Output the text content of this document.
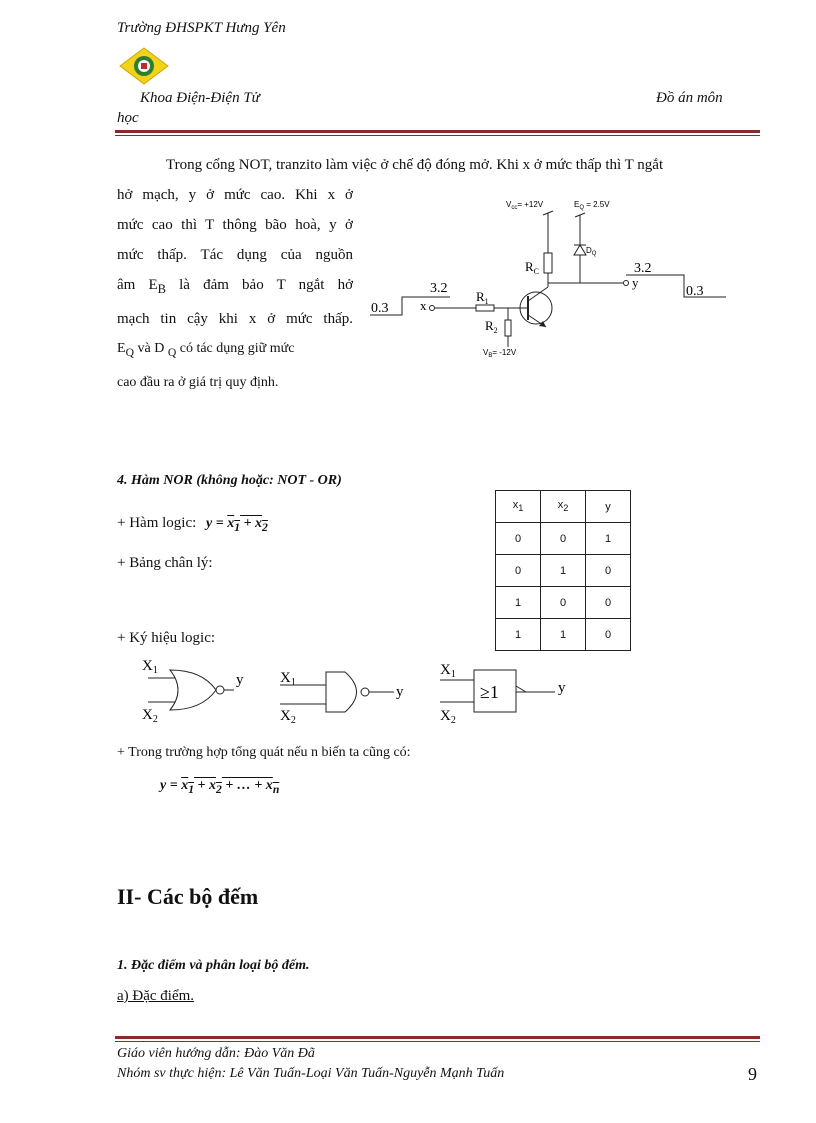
Trường ĐHSPKT Hưng Yên
Khoa Điện-Điện Tử	Đồ án môn
học
Trong cổng NOT, tranzito làm việc ở chế độ đóng mở. Khi x ở mức thấp thì T ngắt
hở mạch, y ở mức cao. Khi x ở
mức cao thì T thông bão hoà, y ở
mức thấp. Tác dụng của nguồn
âm $E_B$ là đảm bảo T ngắt hở
mạch tin cậy khi x ở mức thấp.
$E_Q$ và D $_Q$ có tác dụng giữ mức
cao đầu ra ở giá trị quy định.
$V_{cc}= +12V$	$E_Q = 2.5V$
$R_C$
$D_Q$
y
$R_1$
$R_2$
$V_B= -12V$
x
3.2
0.3
3.2
0.3
4. Hàm NOR (không hoặc: NOT - OR)
+ Hàm logic: $y = x_1 + x_2$
+ Bảng chân lý:
$x_1$	$x_2$	y
0	0	1
0	1	0
1	0	0
1	1	0
+ Ký hiệu logic:
$X_1$
$X_2$
y $X_1$
$X_2$
y
$X_1$
$X_2$
≥1	y
+ Trong trường hợp tổng quát nếu n biến ta cũng có:
$y = x_1 + x_2$ + … + $x_n$
II- Các bộ đếm
1. Đặc điểm và phân loại bộ đếm.
a) Đặc điểm.
Giáo viên hướng dẫn: Đào Văn Đã
Nhóm sv thực hiện: Lê Văn Tuấn-Loại Văn Tuấn-Nguyễn Mạnh Tuấn	9
